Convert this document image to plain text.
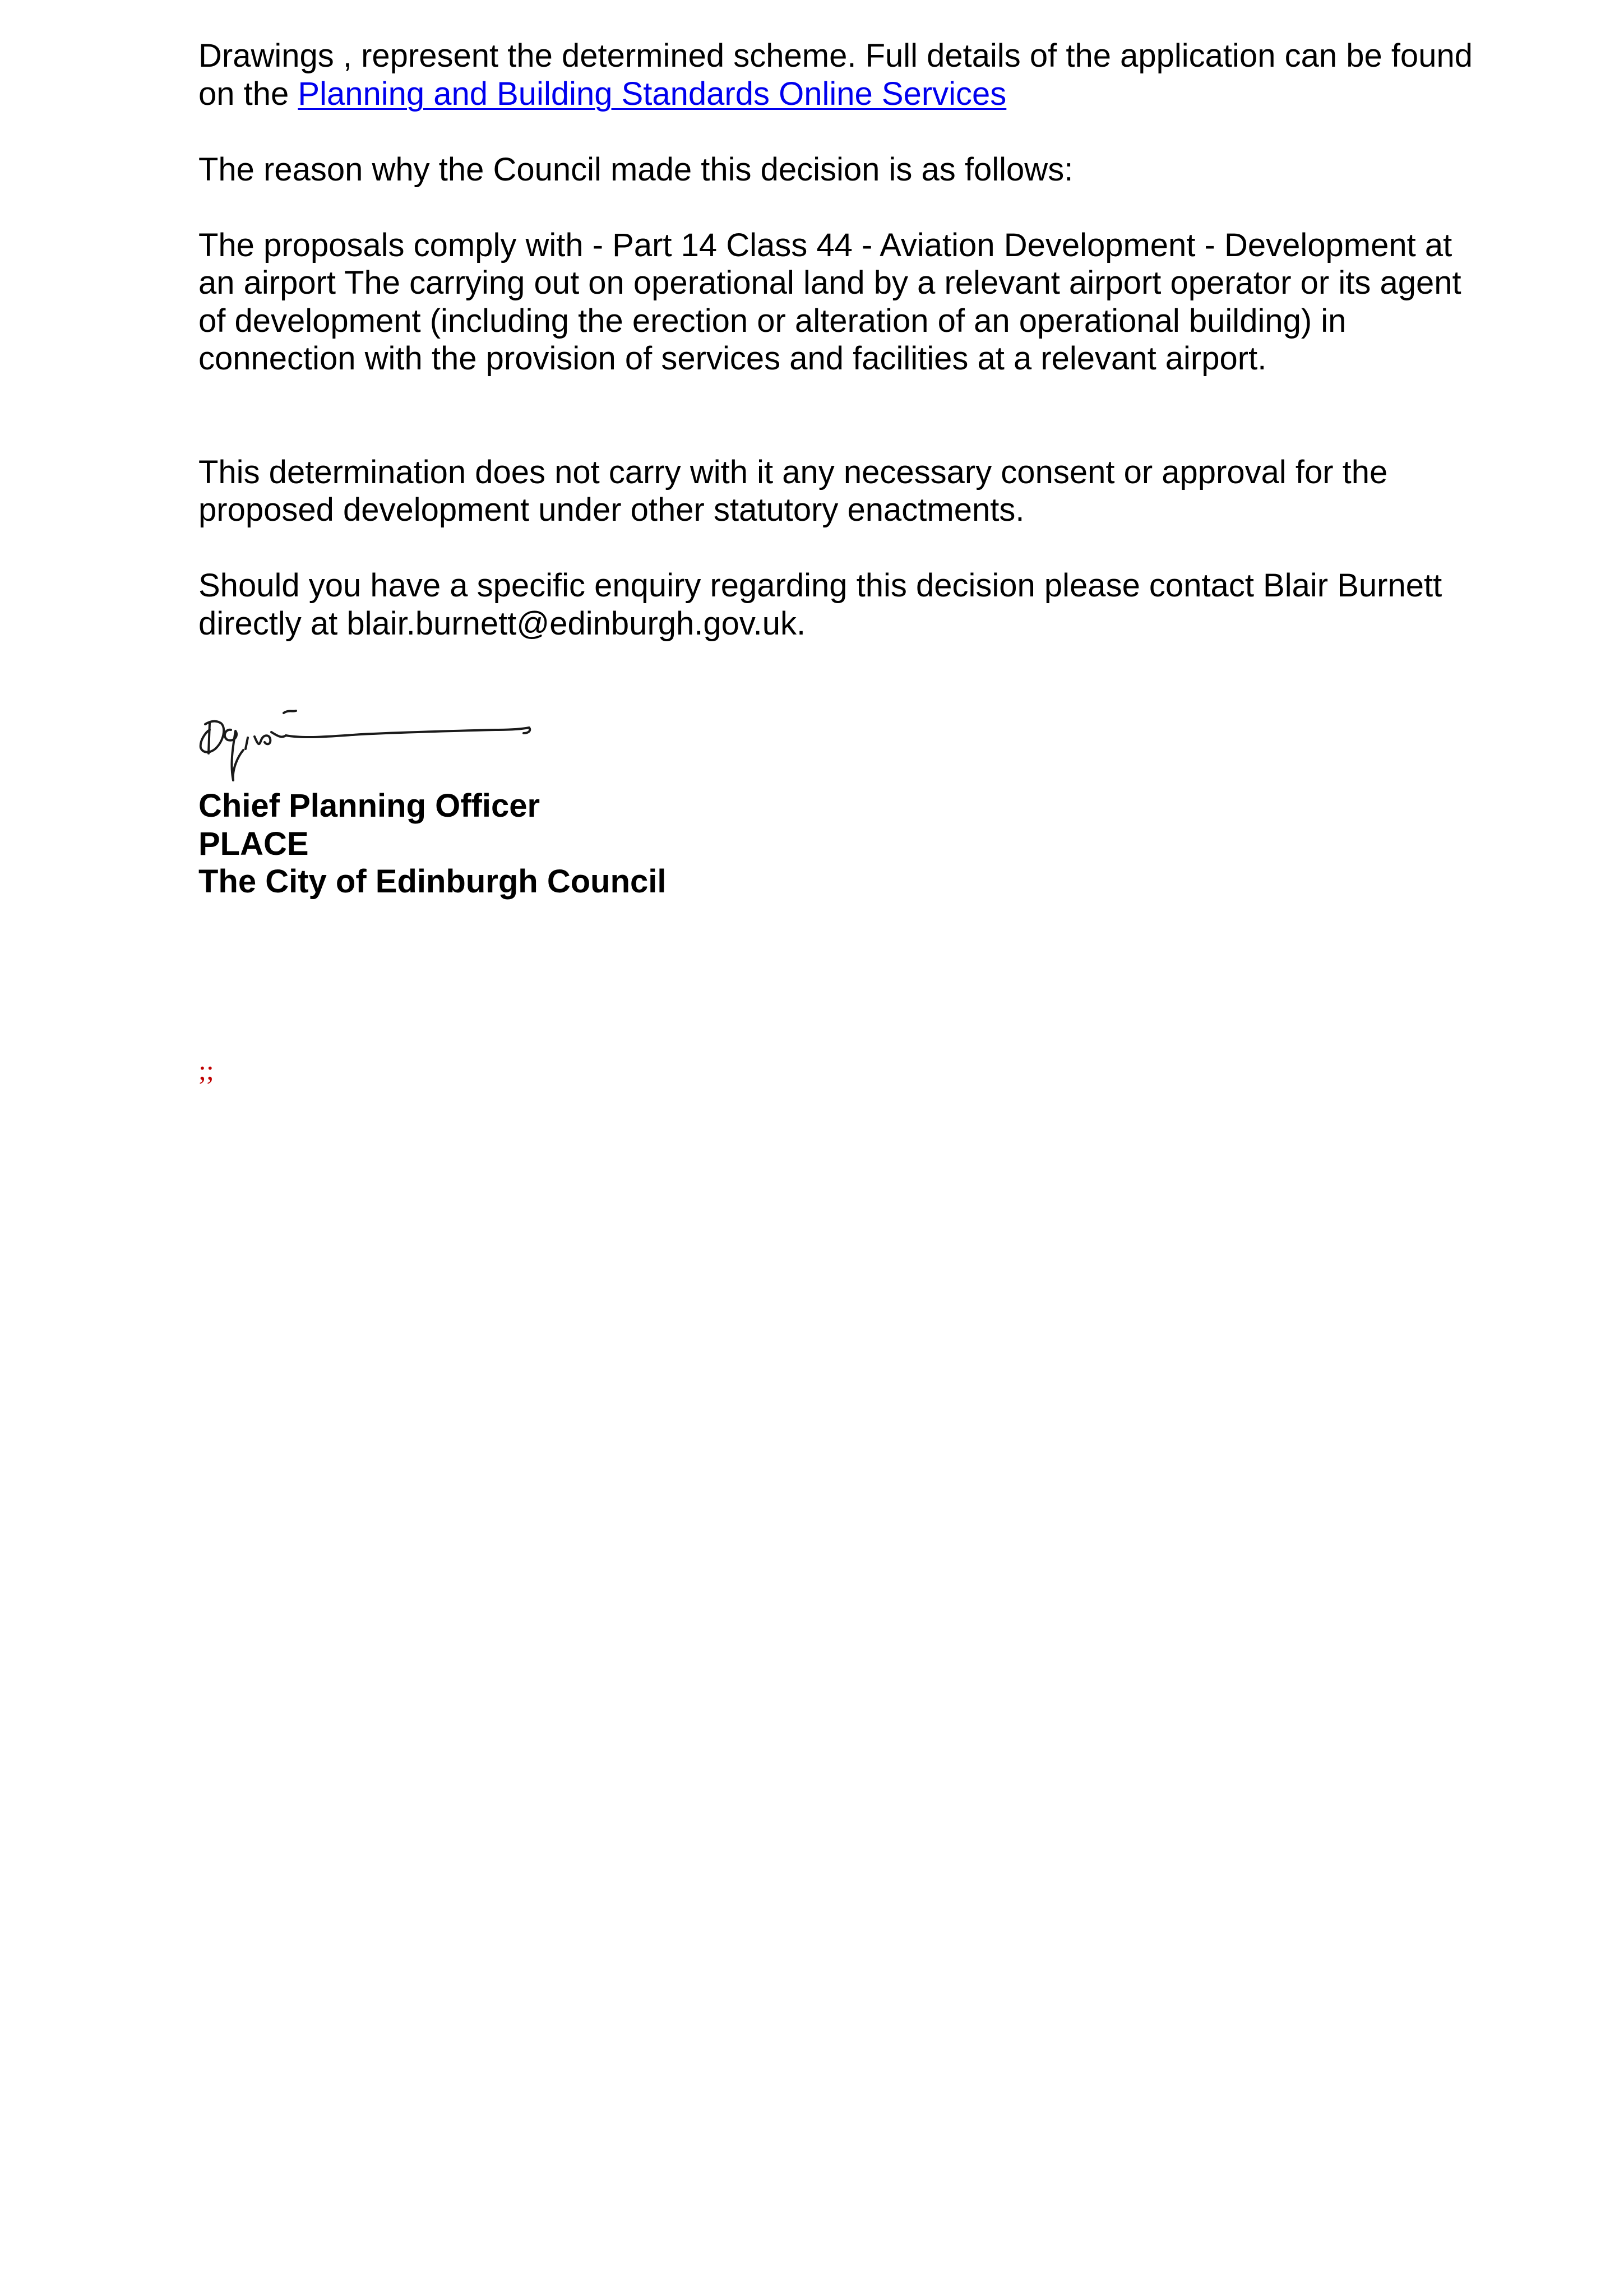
Drawings , represent the determined scheme. Full details of the application can be found on the Planning and Building Standards Online Services

The reason why the Council made this decision is as follows:

The proposals comply with - Part 14 Class 44 - Aviation Development - Development at an airport The carrying out on operational land by a relevant airport operator or its agent of development (including the erection or alteration of an operational building) in connection with the provision of services and facilities at a relevant airport.

This determination does not carry with it any necessary consent or approval for the proposed development under other statutory enactments.

Should you have a specific enquiry regarding this decision please contact Blair Burnett directly at blair.burnett@edinburgh.gov.uk.

Chief Planning Officer
PLACE
The City of Edinburgh Council
;;
